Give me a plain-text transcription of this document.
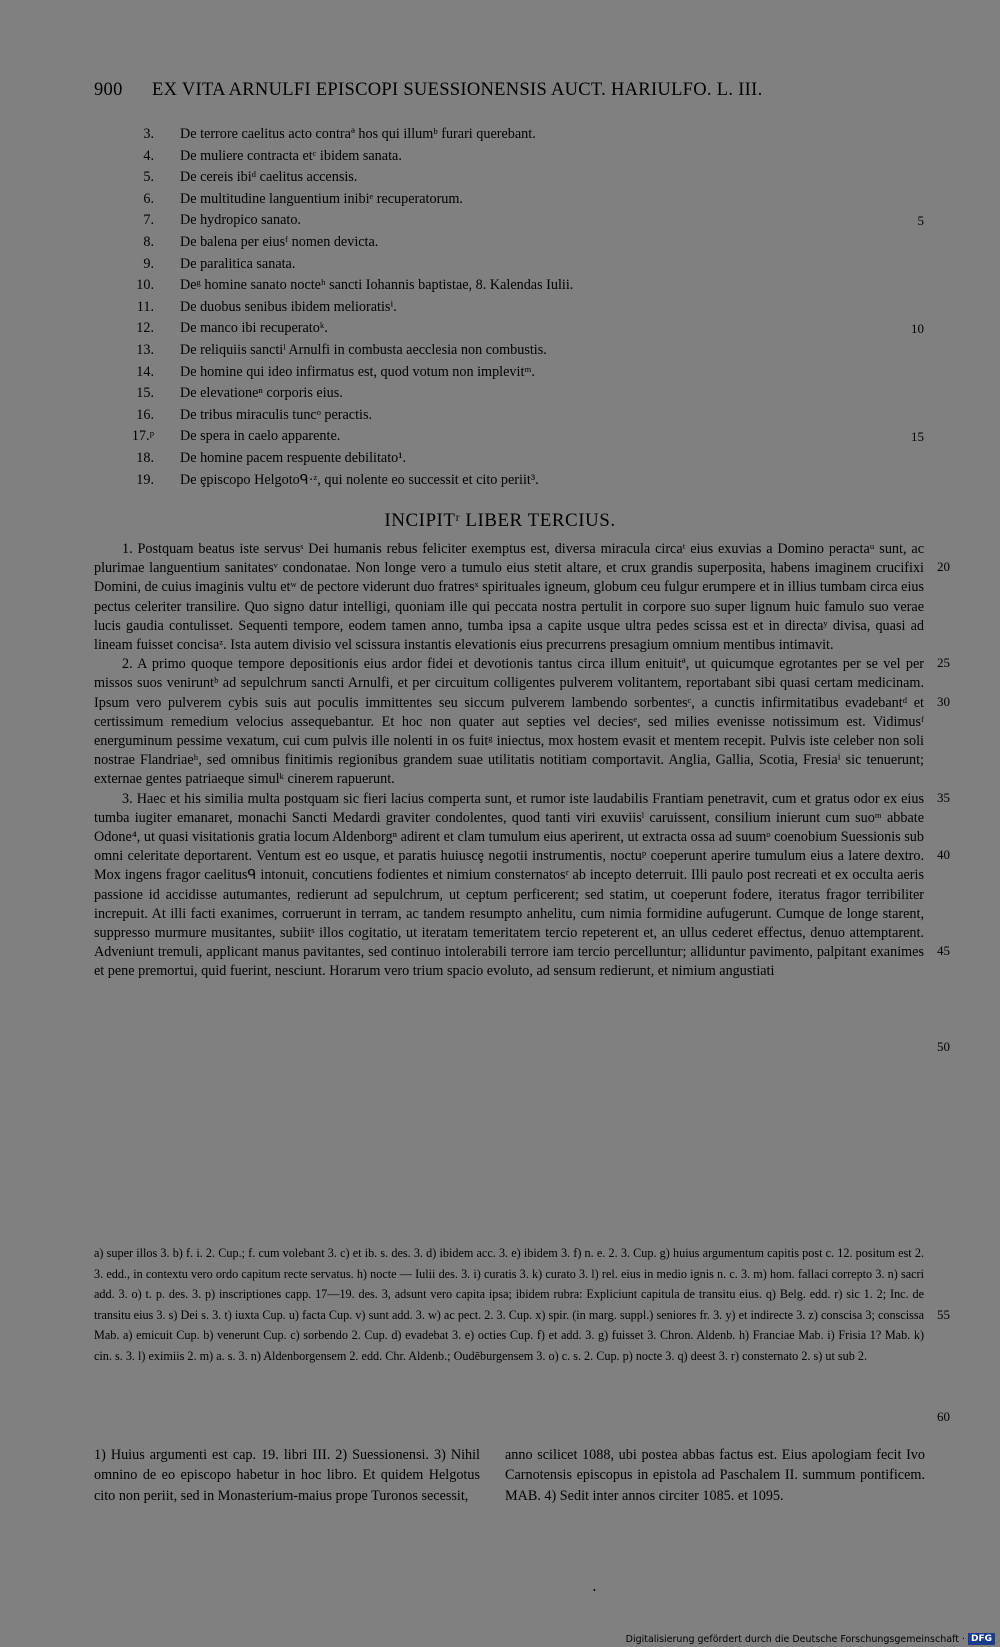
900 EX VITA ARNULFI EPISCOPI SUESSIONENSIS AUCT. HARIULFO. L. III.
3. De terrore caelitus acto contraª hos qui illumᵇ furari querebant.
4. De muliere contracta etᶜ ibidem sanata.
5. De cereis ibiᵈ caelitus accensis.
6. De multitudine languentium inibiᵉ recuperatorum.
7. De hydropico sanato.	5
8. De balena per eiusᶠ nomen devicta.
9. De paralitica sanata.
10. Deᵍ homine sanato nocteʰ sancti Iohannis baptistae, 8. Kalendas Iulii.
11. De duobus senibus ibidem melioratisⁱ.
12. De manco ibi recuperatoᵏ.	10
13. De reliquiis sanctiˡ Arnulfi in combusta aecclesia non combustis.
14. De homine qui ideo infirmatus est, quod votum non implevitᵐ.
15. De elevationeⁿ corporis eius.
16. De tribus miraculis tuncᵒ peractis.
17.ᵖ De spera in caelo apparente.	15
18. De homine pacem respuente debilitato¹.
19. De ȩpiscopo Helgotoᑫ·ᶻ, qui nolente eo successit et cito periit³.
INCIPITʳ LIBER TERCIUS.

1. Postquam beatus iste servusˢ Dei humanis rebus feliciter exemptus est, diversa miracula circaᵗ eius exuvias a Domino peractaᵘ sunt, ac plurimae languentium sanitatesᵛ condonatae. Non longe vero a tumulo eius stetit altare, et crux grandis superposita, habens imaginem crucifixi Domini, de cuius imaginis vultu etʷ de pectore viderunt duo fratresˣ spirituales igneum, globum ceu fulgur erumpere et in illius tumbam circa eius pectus celeriter transilire. Quo signo datur intelligi, quoniam ille qui peccata nostra pertulit in corpore suo super lignum huic famulo suo verae lucis gaudia contulisset. Sequenti tempore, eodem tamen anno, tumba ipsa a capite usque ultra pedes scissa est et in directaʸ divisa, quasi ad lineam fuisset concisaᶻ. Ista autem divisio vel scissura instantis elevationis eius precurrens presagium omnium mentibus intimavit.

20
25

2. A primo quoque tempore depositionis eius ardor fidei et devotionis tantus circa illum enituitª, ut quicumque egrotantes per se vel per missos suos veniruntᵇ ad sepulchrum sancti Arnulfi, et per circuitum colligentes pulverem volitantem, reportabant sibi quasi certam medicinam. Ipsum vero pulverem cybis suis aut poculis immittentes seu siccum pulverem lambendo sorbentesᶜ, a cunctis infirmitatibus evadebantᵈ et certissimum remedium velocius assequebantur. Et hoc non quater aut septies vel deciesᵉ, sed milies evenisse notissimum est. Vidimusᶠ energuminum pessime vexatum, cui cum pulvis ille nolenti in os fuitᵍ iniectus, mox hostem evasit et mentem recepit. Pulvis iste celeber non soli nostrae Flandriaeʰ, sed omnibus finitimis regionibus grandem suae utilitatis notitiam comportavit. Anglia, Gallia, Scotia, Fresiaⁱ sic tenuerunt; externae gentes patriaeque simulᵏ cinerem rapuerunt.

30
35

3. Haec et his similia multa postquam sic fieri lacius comperta sunt, et rumor iste laudabilis Frantiam penetravit, cum et gratus odor ex eius tumba iugiter emanaret, monachi Sancti Medardi graviter condolentes, quod tanti viri exuviisˡ caruissent, consilium inierunt cum suoᵐ abbate Odone⁴, ut quasi visitationis gratia locum Aldenborgⁿ adirent et clam tumulum eius aperirent, ut extracta ossa ad suumᵒ coenobium Suessionis sub omni celeritate deportarent. Ventum est eo usque, et paratis huiuscȩ negotii instrumentis, noctuᵖ coeperunt aperire tumulum eius a latere dextro. Mox ingens fragor caelitusᑫ intonuit, concutiens fodientes et nimium consternatosʳ ab incepto deterruit. Illi paulo post recreati et ex occulta aeris passione id accidisse autumantes, redierunt ad sepulchrum, ut ceptum perficerent; sed statim, ut coeperunt fodere, iteratus fragor terribiliter increpuit. At illi facti exanimes, corruerunt in terram, ac tandem resumpto anhelitu, cum nimia formidine aufugerunt. Cumque de longe starent, suppresso murmure musitantes, subiitˢ illos cogitatio, ut iteratam temeritatem tercio repeterent et, an ullus cederet effectus, denuo attemptarent. Adveniunt tremuli, applicant manus pavitantes, sed continuo intolerabili terrore iam tercio percelluntur; alliduntur pavimento, palpitant exanimes et pene premortui, quid fuerint, nesciunt. Horarum vero trium spacio evoluto, ad sensum redierunt, et nimium angustiati

40
45
50
a) super illos 3. b) f. i. 2. Cup.; f. cum volebant 3. c) et ib. s. des. 3. d) ibidem acc. 3. e) ibidem 3. f) n. e. 2. 3. Cup. g) huius argumentum capitis post c. 12. positum est 2. 3. edd., in contextu vero ordo capitum recte servatus. h) nocte — Iulii des. 3. i) curatis 3. k) curato 3. l) rel. eius in medio ignis n. c. 3. m) hom. fallaci correpto 3. n) sacri add. 3. o) t. p. des. 3. p) inscriptiones capp. 17—19. des. 3, adsunt vero capita ipsa; ibidem rubra: Expliciunt capitula de transitu eius. q) Belg. edd. r) sic 1. 2; Inc. de transitu eius 3. s) Dei s. 3. t) iuxta Cup. u) facta Cup. v) sunt add. 3. w) ac pect. 2. 3. Cup. x) spir. (in marg. suppl.) seniores fr. 3. y) et indirecte 3. z) conscisa 3; conscissa Mab. a) emicuit Cup. b) venerunt Cup. c) sorbendo 2. Cup. d) evadebat 3. e) octies Cup. f) et add. 3. g) fuisset 3. Chron. Aldenb. h) Franciae Mab. i) Frisia 1? Mab. k) cin. s. 3. l) eximiis 2. m) a. s. 3. n) Aldenborgensem 2. edd. Chr. Aldenb.; Oudēburgensem 3. o) c. s. 2. Cup. p) nocte 3. q) deest 3. r) consternato 2. s) ut sub 2.
55
60
1) Huius argumenti est cap. 19. libri III. 2) Suessionensi. 3) Nihil omnino de eo episcopo habetur in hoc libro. Et quidem Helgotus cito non periit, sed in Monasterium-maius prope Turonos secessit,
anno scilicet 1088, ubi postea abbas factus est. Eius apologiam fecit Ivo Carnotensis episcopus in epistola ad Paschalem II. summum pontificem. MAB. 4) Sedit inter annos circiter 1085. et 1095.
•
Digitalisierung gefördert durch die Deutsche Forschungsgemeinschaft · DFG
